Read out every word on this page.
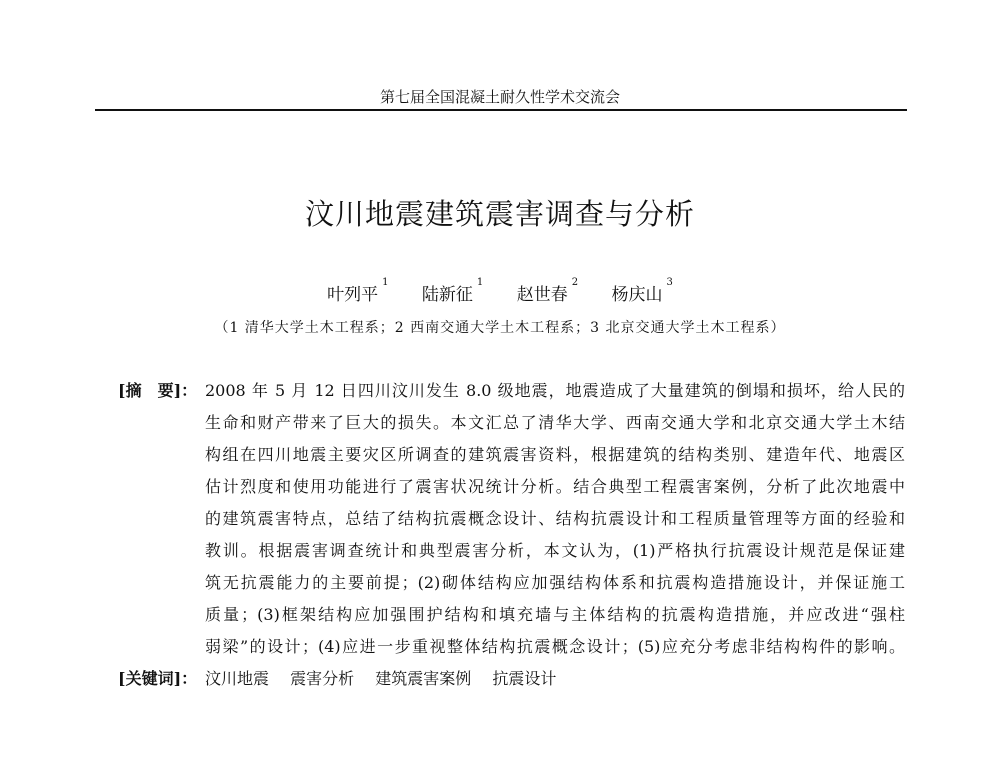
第七届全国混凝土耐久性学术交流会
汶川地震建筑震害调查与分析
叶列平$^1$ 陆新征$^1$ 赵世春$^2$ 杨庆山$^3$
（1 清华大学土木工程系；2 西南交通大学土木工程系；3 北京交通大学土木工程系）
[摘　要]： 2008 年 5 月 12 日四川汶川发生 8.0 级地震，地震造成了大量建筑的倒塌和损坏，给人民的
生命和财产带来了巨大的损失。本文汇总了清华大学、西南交通大学和北京交通大学土木结
构组在四川地震主要灾区所调查的建筑震害资料，根据建筑的结构类别、建造年代、地震区
估计烈度和使用功能进行了震害状况统计分析。结合典型工程震害案例，分析了此次地震中
的建筑震害特点，总结了结构抗震概念设计、结构抗震设计和工程质量管理等方面的经验和
教训。根据震害调查统计和典型震害分析，本文认为，(1)严格执行抗震设计规范是保证建
筑无抗震能力的主要前提；(2)砌体结构应加强结构体系和抗震构造措施设计，并保证施工
质量；(3)框架结构应加强围护结构和填充墙与主体结构的抗震构造措施，并应改进“强柱
弱梁”的设计；(4)应进一步重视整体结构抗震概念设计；(5)应充分考虑非结构构件的影响。
[关键词]： 汶川地震 震害分析 建筑震害案例 抗震设计
